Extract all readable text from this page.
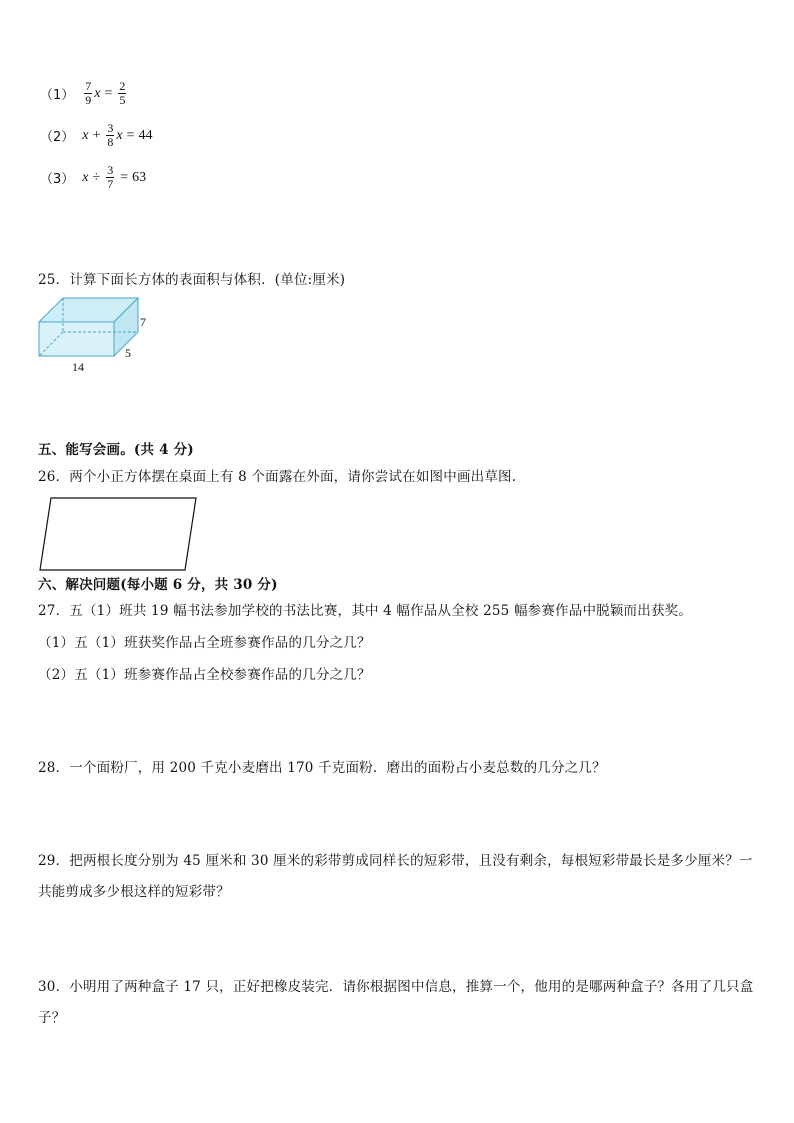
$(1) \frac{7}{9}$ $x = \frac{2}{5}$
（2） $x + \frac{3}{8}$ x = 44
（3） $x \div \frac{3}{7} = 63$
25．计算下面长方体的表面积与体积．(单位:厘米)
7
5
14
五、能写会画。(共 4 分)
26．两个小正方体摆在桌面上有 8 个面露在外面，请你尝试在如图中画出草图.
六、解决问题(每小题 6 分，共 30 分)
27．五（1）班共 19 幅书法参加学校的书法比赛，其中 4 幅作品从全校 255 幅参赛作品中脱颖而出获奖。
（1）五（1）班获奖作品占全班参赛作品的几分之几？
（2）五（1）班参赛作品占全校参赛作品的几分之几？
28．一个面粉厂，用 200 千克小麦磨出 170 千克面粉．磨出的面粉占小麦总数的几分之几？
29．把两根长度分别为 45 厘米和 30 厘米的彩带剪成同样长的短彩带，且没有剩余，每根短彩带最长是多少厘米？一
共能剪成多少根这样的短彩带？
30．小明用了两种盒子 17 只，正好把橡皮装完．请你根据图中信息，推算一个，他用的是哪两种盒子？各用了几只盒
子？
